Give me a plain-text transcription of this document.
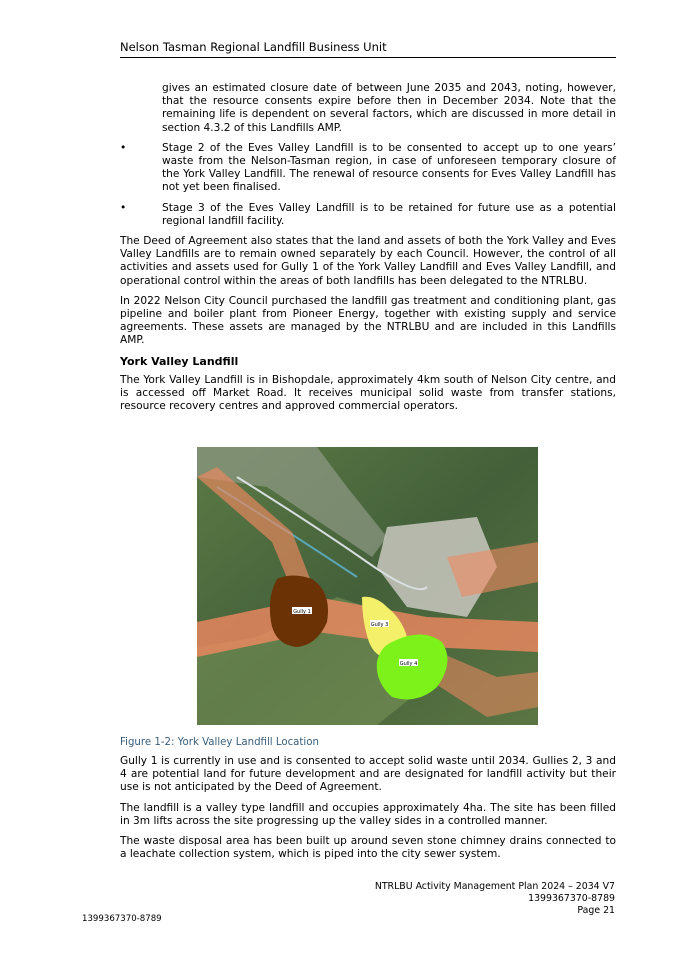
Nelson Tasman Regional Landfill Business Unit

gives an estimated closure date of between June 2035 and 2043, noting, however, that the resource consents expire before then in December 2034. Note that the remaining life is dependent on several factors, which are discussed in more detail in section 4.3.2 of this Landfills AMP.

•	Stage 2 of the Eves Valley Landfill is to be consented to accept up to one years’ waste from the Nelson-Tasman region, in case of unforeseen temporary closure of the York Valley Landfill. The renewal of resource consents for Eves Valley Landfill has not yet been finalised.
•	Stage 3 of the Eves Valley Landfill is to be retained for future use as a potential regional landfill facility.

The Deed of Agreement also states that the land and assets of both the York Valley and Eves Valley Landfills are to remain owned separately by each Council. However, the control of all activities and assets used for Gully 1 of the York Valley Landfill and Eves Valley Landfill, and operational control within the areas of both landfills has been delegated to the NTRLBU.

In 2022 Nelson City Council purchased the landfill gas treatment and conditioning plant, gas pipeline and boiler plant from Pioneer Energy, together with existing supply and service agreements. These assets are managed by the NTRLBU and are included in this Landfills AMP.

York Valley Landfill

The York Valley Landfill is in Bishopdale, approximately 4km south of Nelson City centre, and is accessed off Market Road. It receives municipal solid waste from transfer stations, resource recovery centres and approved commercial operators.

Gully 1
Gully 3
Gully 4
Figure 1-2: York Valley Landfill Location

Gully 1 is currently in use and is consented to accept solid waste until 2034. Gullies 2, 3 and 4 are potential land for future development and are designated for landfill activity but their use is not anticipated by the Deed of Agreement.

The landfill is a valley type landfill and occupies approximately 4ha. The site has been filled in 3m lifts across the site progressing up the valley sides in a controlled manner.

The waste disposal area has been built up around seven stone chimney drains connected to a leachate collection system, which is piped into the city sewer system.

NTRLBU Activity Management Plan 2024 – 2034 V7
1399367370-8789
Page 21
1399367370-8789
